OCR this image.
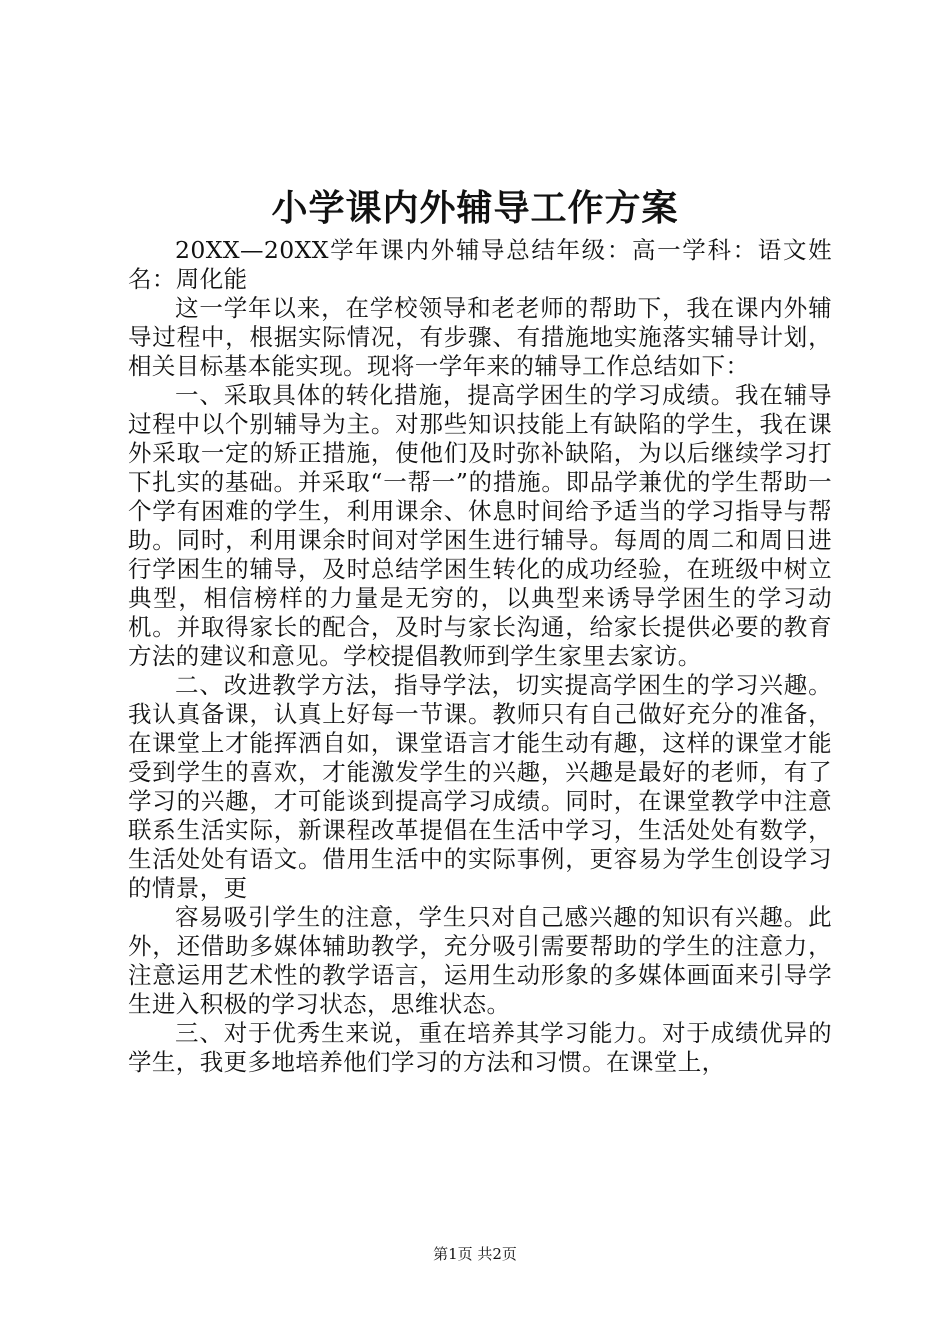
小学课内外辅导工作方案

20XX—20XX学年课内外辅导总结年级：高一学科：语文姓名：周化能

这一学年以来，在学校领导和老老师的帮助下，我在课内外辅导过程中，根据实际情况，有步骤、有措施地实施落实辅导计划，相关目标基本能实现。现将一学年来的辅导工作总结如下：

一、采取具体的转化措施，提高学困生的学习成绩。我在辅导过程中以个别辅导为主。对那些知识技能上有缺陷的学生，我在课外采取一定的矫正措施，使他们及时弥补缺陷，为以后继续学习打下扎实的基础。并采取“一帮一”的措施。即品学兼优的学生帮助一个学有困难的学生，利用课余、休息时间给予适当的学习指导与帮助。同时，利用课余时间对学困生进行辅导。每周的周二和周日进行学困生的辅导，及时总结学困生转化的成功经验，在班级中树立典型，相信榜样的力量是无穷的，以典型来诱导学困生的学习动机。并取得家长的配合，及时与家长沟通，给家长提供必要的教育方法的建议和意见。学校提倡教师到学生家里去家访。

二、改进教学方法，指导学法，切实提高学困生的学习兴趣。我认真备课，认真上好每一节课。教师只有自己做好充分的准备，在课堂上才能挥洒自如，课堂语言才能生动有趣，这样的课堂才能受到学生的喜欢，才能激发学生的兴趣，兴趣是最好的老师，有了学习的兴趣，才可能谈到提高学习成绩。同时，在课堂教学中注意联系生活实际，新课程改革提倡在生活中学习，生活处处有数学，生活处处有语文。借用生活中的实际事例，更容易为学生创设学习的情景，更

容易吸引学生的注意，学生只对自己感兴趣的知识有兴趣。此外，还借助多媒体辅助教学，充分吸引需要帮助的学生的注意力，注意运用艺术性的教学语言，运用生动形象的多媒体画面来引导学生进入积极的学习状态，思维状态。

三、对于优秀生来说，重在培养其学习能力。对于成绩优异的学生，我更多地培养他们学习的方法和习惯。在课堂上，

第1页 共2页
